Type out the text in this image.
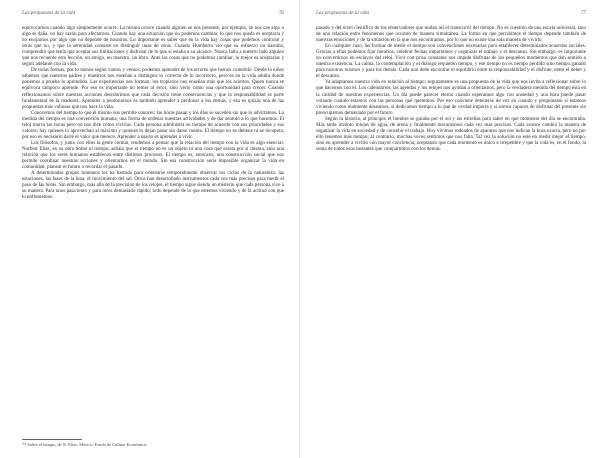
Las propuestas de la vida	76

equivocarnos cuando algo simplemente ocurre. La misma ocurre cuando alguien se nos presente, por ejemplo, se nos cae algo o algo se daña, no hay razón para afectarnos. Cuando hay una situación que no podemos cambiar, lo que nos queda es aceptarla y no enojarnos por algo que no depende de nosotros. Lo importante es saber que en la vida hay cosas que podemos controlar y otras que no, y que la serenidad consiste en distinguir unas de otras. Cuando Humberto vio que su esfuerzo no bastaba, comprendió que tenía que aceptar sus limitaciones y disfrutar de lo que sí estaba a su alcance. Nunca falta a nuestro lado alguien que nos recuerde esta lección, un amigo, un maestro, un libro. Ante las cosas que no podemos cambiar, lo mejor es aceptarlas y seguir adelante con la vida.

De todas formas, por lo menos según vamos y vemos, podemos aprender de los errores que hemos cometido. Desde la niñez sabemos que nuestros padres y maestros nos enseñan a distinguir lo correcto de lo incorrecto, pero es en la vida adulta donde ponemos a prueba lo aprendido. Las experiencias nos forman; los tropiezos nos enseñan más que los aciertos. Quien nunca se equivoca tampoco aprende. Por eso es importante no temer al error, sino verlo como una oportunidad para crecer. Cuando reflexionamos sobre nuestras acciones descubrimos que cada decisión tiene consecuencias y que la responsabilidad es parte fundamental de la madurez. Aprender a perdonarnos es también aprender a perdonar a los demás, y esa es quizás una de las propuestas más valiosas que nos hace la vida.

Conocemos del tiempo lo que él mismo nos permite conocer; las horas pasan y los días se suceden sin que lo advirtamos. La medida del tiempo es una convención humana, una forma de ordenar nuestras actividades y de dar sentido a lo que hacemos. El reloj marca las horas pero no nos dice cómo vivirlas. Cada persona administra su tiempo de acuerdo con sus prioridades y sus valores; hay quienes lo aprovechan al máximo y quienes lo dejan pasar sin darse cuenta. El tiempo no se detiene ni se recupera, por eso es necesario darle el valor que merece. Aprender a usarlo es aprender a vivir.

Los filósofos, y junto con ellos la gente común, tendemos a pensar que la relación del tiempo con la vida es algo esencial. Norbert Elias, en su obra Sobre el tiempo, señala que el tiempo no es un objeto ni una cosa que exista por sí misma, sino una relación que los seres humanos establecen entre distintos procesos. El tiempo es, entonces, una construcción social que nos permite coordinar nuestras acciones y orientarnos en el mundo. Sin esa construcción sería imposible organizar la vida en comunidad, planear el futuro o recordar el pasado.

A determinadas grupos humanos les ha bastado para orientarse temporalmente observar los ciclos de la naturaleza: las estaciones, las fases de la luna, el movimiento del sol. Otros han desarrollado instrumentos cada vez más precisos para medir el paso de las horas. Sin embargo, más allá de la precisión de los relojes, el tiempo sigue siendo un misterio que cada persona vive a su manera. Para unos pasa lento y para otros demasiado rápido; todo depende de lo que estemos viviendo y de la actitud con que lo enfrentemos.

** Sobre el tiempo, de N. Elias, México, Fondo de Cultura Económica.
Las propuestas de la vida	77

pasado y del nivel científico de los observadores que midan así el transcurrir del tiempo. No es cuestión de una escala universal, sino de una relación entre fenómenos que ocurren de manera simultánea. La forma en que percibimos el tiempo depende también de nuestras emociones y de la situación en la que nos encontramos, por lo que no existe una sola manera de vivirlo.

En cualquier caso, las formas de medir el tiempo son convenciones necesarias para establecer determinados acuerdos sociales. Gracias a ellas podemos fijar horarios, celebrar fechas importantes y organizar el trabajo y el descanso. Sin embargo, es importante no convertirnos en esclavos del reloj. Vivir con prisa constante nos impide disfrutar de los pequeños momentos que dan sentido a nuestra existencia. La calma, la contemplación y el diálogo requieren tiempo, y ese tiempo no es tiempo perdido sino tiempo ganado para nosotros mismos y para los demás. Cada uno debe encontrar el equilibrio entre la responsabilidad y el disfrute, entre el deber y el descanso.

Ya adaptamos nuestra vida en relación al tiempo; seguramente es una propuesta de la vida que nos invita a reflexionar sobre lo que hacemos con él. Los calendarios, las agendas y los relojes nos ayudan a orientarnos, pero la verdadera medida del tiempo está en la calidad de nuestras experiencias. Un día puede parecer eterno cuando esperamos algo con ansiedad y una hora puede pasar volando cuando estamos con las personas que queremos. Por eso conviene detenerse de vez en cuando y preguntarse si estamos viviendo como realmente deseamos, si dedicamos tiempo a lo que de verdad importa y si somos capaces de disfrutar del presente sin preocuparnos demasiado por el futuro.

Según la historia, al principio el hombre se guiaba por el sol y las estrellas para saber en qué momento del día se encontraba. Más tarde inventó relojes de agua, de arena y finalmente mecanismos cada vez más precisos. Cada avance cambió la manera de organizar la vida en sociedad y de concebir el trabajo. Hoy vivimos rodeados de aparatos que nos indican la hora exacta, pero no por ello tenemos más tiempo; al contrario, muchas veces sentimos que nos falta. Tal vez la solución no esté en medir mejor el tiempo, sino en aprender a vivirlo con mayor conciencia, aceptando que cada momento es único e irrepetible y que la vida es, en el fondo, la suma de todos esos instantes que compartimos con los demás.
